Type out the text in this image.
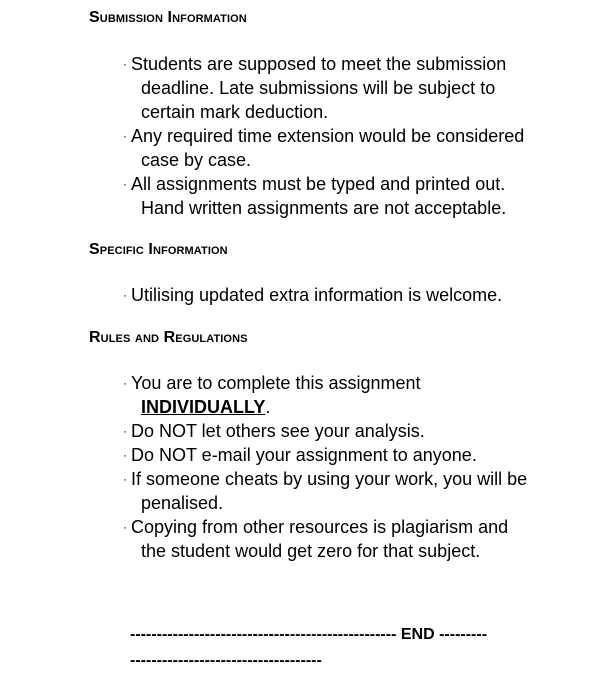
Submission Information
· Students are supposed to meet the submission
deadline. Late submissions will be subject to
certain mark deduction.
· Any required time extension would be considered
case by case.
· All assignments must be typed and printed out.
Hand written assignments are not acceptable.
Specific Information
· Utilising updated extra information is welcome.
Rules and Regulations
· You are to complete this assignment
INDIVIDUALLY.
· Do NOT let others see your analysis.
· Do NOT e-mail your assignment to anyone.
· If someone cheats by using your work, you will be
penalised.
· Copying from other resources is plagiarism and
the student would get zero for that subject.

-------------------------------------------------- END ---------

------------------------------------
